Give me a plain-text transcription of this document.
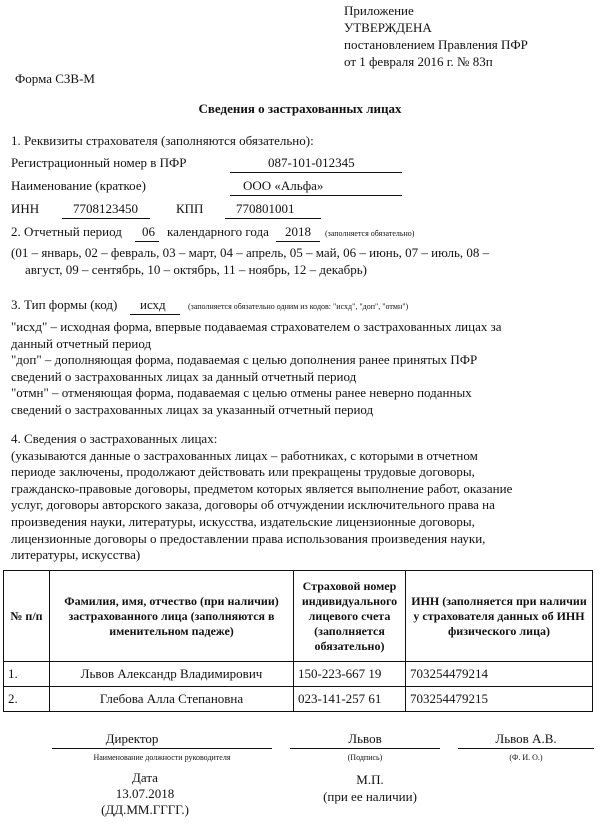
Приложение
УТВЕРЖДЕНА
постановлением Правления ПФР
от 1 февраля 2016 г. № 83п
Форма СЗВ-М
Сведения о застрахованных лицах
1. Реквизиты страхователя (заполняются обязательно):
Регистрационный номер в ПФР	087-101-012345
Наименование (краткое)	ООО «Альфа»
ИНН	7708123450	КПП	770801001
2. Отчетный период 06 календарного года 2018 (заполняется обязательно)
(01 – январь, 02 – февраль, 03 – март, 04 – апрель, 05 – май, 06 – июнь, 07 – июль, 08 –
август, 09 – сентябрь, 10 – октябрь, 11 – ноябрь, 12 – декабрь)
3. Тип формы (код) исхд	(заполняется обязательно одним из кодов: "исхд", "доп", "отмн")
"исхд" – исходная форма, впервые подаваемая страхователем о застрахованных лицах за
данный отчетный период
"доп" – дополняющая форма, подаваемая с целью дополнения ранее принятых ПФР
сведений о застрахованных лицах за данный отчетный период
"отмн" – отменяющая форма, подаваемая с целью отмены ранее неверно поданных
сведений о застрахованных лицах за указанный отчетный период
4. Сведения о застрахованных лицах:
(указываются данные о застрахованных лицах – работниках, с которыми в отчетном
периоде заключены, продолжают действовать или прекращены трудовые договоры,
гражданско-правовые договоры, предметом которых является выполнение работ, оказание
услуг, договоры авторского заказа, договоры об отчуждении исключительного права на
произведения науки, литературы, искусства, издательские лицензионные договоры,
лицензионные договоры о предоставлении права использования произведения науки,
литературы, искусства)
№ п/п	Фамилия, имя, отчество (при наличии) застрахованного лица (заполняются в именительном падеже)	Страховой номер индивидуального лицевого счета (заполняется обязательно)	ИНН (заполняется при наличии у страхователя данных об ИНН физического лица)
1.	Львов Александр Владимирович	150-223-667 19	703254479214
2.	Глебова Алла Степановна	023-141-257 61	703254479215
Директор
Наименование должности руководителя
Львов
(Подпись)
Львов А.В.
(Ф. И. О.)
Дата
13.07.2018
(ДД.ММ.ГГГГ.)
М.П.
(при ее наличии)
